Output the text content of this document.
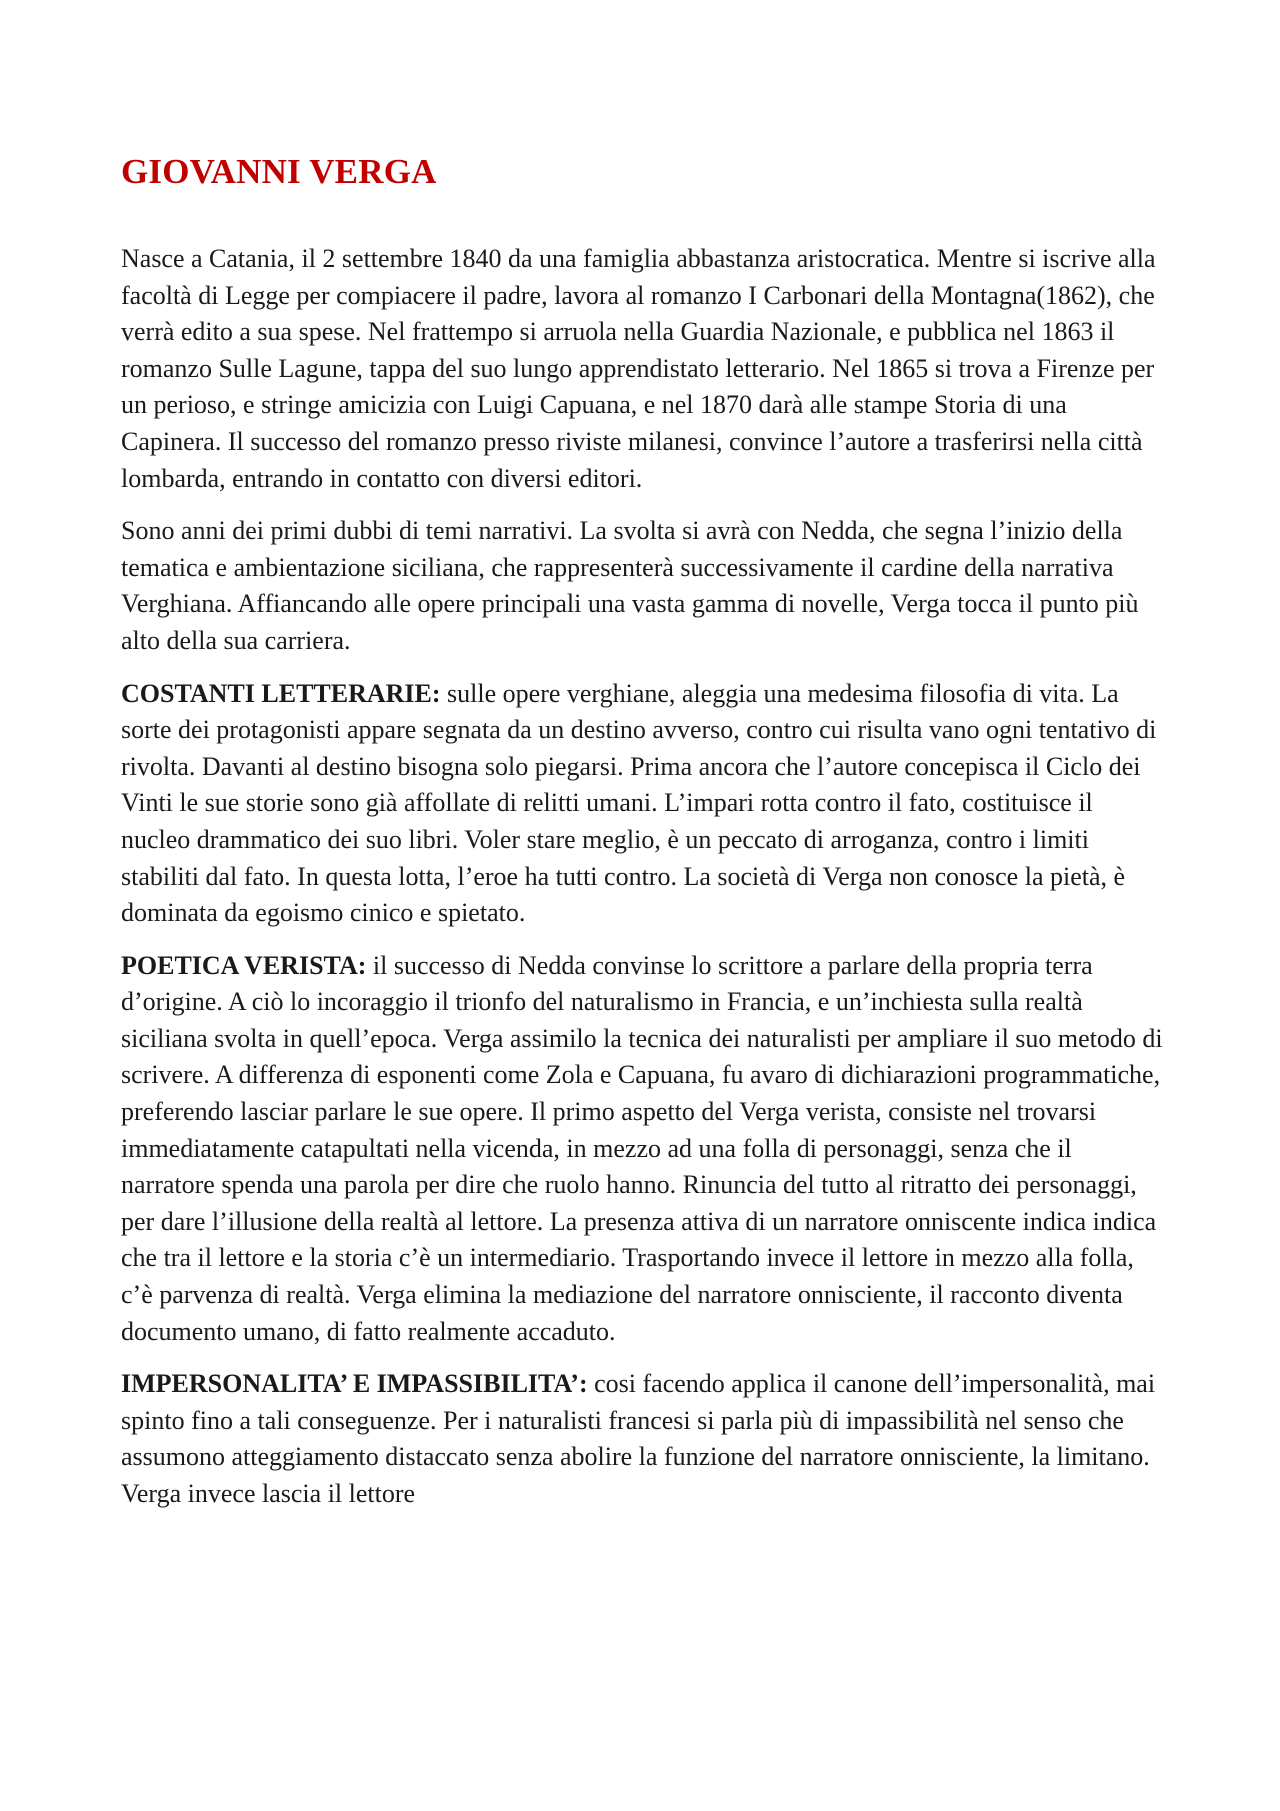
GIOVANNI VERGA

Nasce a Catania, il 2 settembre 1840 da una famiglia abbastanza aristocratica. Mentre si iscrive alla facoltà di Legge per compiacere il padre, lavora al romanzo I Carbonari della Montagna(1862), che verrà edito a sua spese. Nel frattempo si arruola nella Guardia Nazionale, e pubblica nel 1863 il romanzo Sulle Lagune, tappa del suo lungo apprendistato letterario. Nel 1865 si trova a Firenze per un perioso, e stringe amicizia con Luigi Capuana, e nel 1870 darà alle stampe Storia di una Capinera. Il successo del romanzo presso riviste milanesi, convince l’autore a trasferirsi nella città lombarda, entrando in contatto con diversi editori.

Sono anni dei primi dubbi di temi narrativi. La svolta si avrà con Nedda, che segna l’inizio della tematica e ambientazione siciliana, che rappresenterà successivamente il cardine della narrativa Verghiana. Affiancando alle opere principali una vasta gamma di novelle, Verga tocca il punto più alto della sua carriera.

COSTANTI LETTERARIE: sulle opere verghiane, aleggia una medesima filosofia di vita. La sorte dei protagonisti appare segnata da un destino avverso, contro cui risulta vano ogni tentativo di rivolta. Davanti al destino bisogna solo piegarsi. Prima ancora che l’autore concepisca il Ciclo dei Vinti le sue storie sono già affollate di relitti umani. L’impari rotta contro il fato, costituisce il nucleo drammatico dei suo libri. Voler stare meglio, è un peccato di arroganza, contro i limiti stabiliti dal fato. In questa lotta, l’eroe ha tutti contro. La società di Verga non conosce la pietà, è dominata da egoismo cinico e spietato.

POETICA VERISTA: il successo di Nedda convinse lo scrittore a parlare della propria terra d’origine. A ciò lo incoraggio il trionfo del naturalismo in Francia, e un’inchiesta sulla realtà siciliana svolta in quell’epoca. Verga assimilo la tecnica dei naturalisti per ampliare il suo metodo di scrivere. A differenza di esponenti come Zola e Capuana, fu avaro di dichiarazioni programmatiche, preferendo lasciar parlare le sue opere. Il primo aspetto del Verga verista, consiste nel trovarsi immediatamente catapultati nella vicenda, in mezzo ad una folla di personaggi, senza che il narratore spenda una parola per dire che ruolo hanno. Rinuncia del tutto al ritratto dei personaggi, per dare l’illusione della realtà al lettore. La presenza attiva di un narratore onniscente indica indica che tra il lettore e la storia c’è un intermediario. Trasportando invece il lettore in mezzo alla folla, c’è parvenza di realtà. Verga elimina la mediazione del narratore onnisciente, il racconto diventa documento umano, di fatto realmente accaduto.

IMPERSONALITA’ E IMPASSIBILITA’: cosi facendo applica il canone dell’impersonalità, mai spinto fino a tali conseguenze. Per i naturalisti francesi si parla più di impassibilità nel senso che assumono atteggiamento distaccato senza abolire la funzione del narratore onnisciente, la limitano. Verga invece lascia il lettore
